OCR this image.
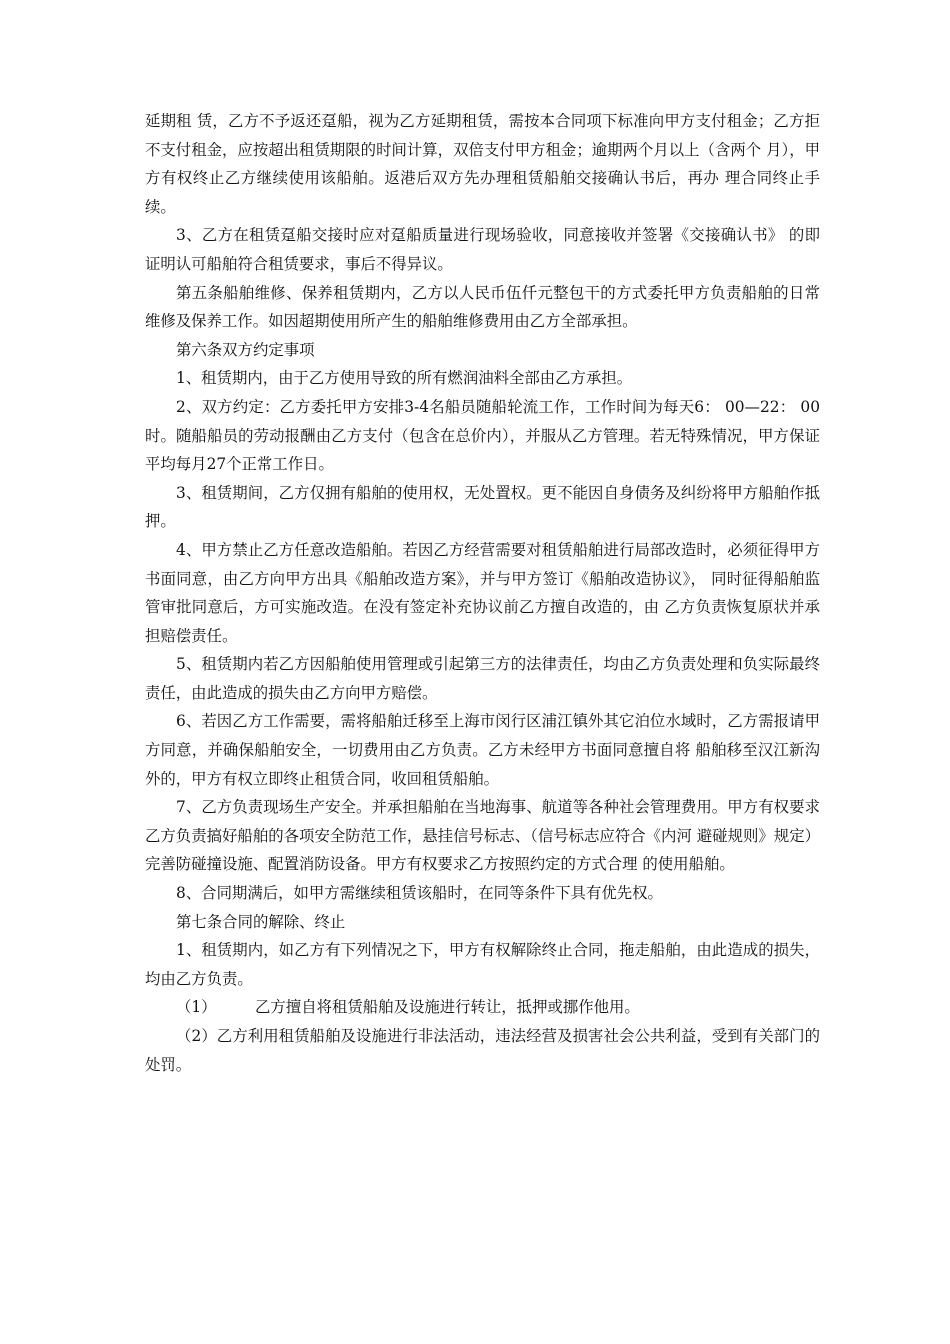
延期租 赁，乙方不予返还趸船，视为乙方延期租赁，需按本合同项下标准向甲方支付租金；乙方拒 不支付租金，应按超出租赁期限的时间计算，双倍支付甲方租金；逾期两个月以上（含两个 月），甲方有权终止乙方继续使用该船舶。返港后双方先办理租赁船舶交接确认书后，再办 理合同终止手续。

3、乙方在租赁趸船交接时应对趸船质量进行现场验收，同意接收并签署《交接确认书》 的即证明认可船舶符合租赁要求，事后不得异议。

第五条船舶维修、保养租赁期内，乙方以人民币伍仟元整包干的方式委托甲方负责船舶的日常维修及保养工作。如因超期使用所产生的船舶维修费用由乙方全部承担。

第六条双方约定事项

1、租赁期内，由于乙方使用导致的所有燃润油料全部由乙方承担。

2、双方约定：乙方委托甲方安排3-4名船员随船轮流工作，工作时间为每天6： 00—22： 00时。随船船员的劳动报酬由乙方支付（包含在总价内），并服从乙方管理。若无特殊情况，甲方保证平均每月27个正常工作日。

3、租赁期间，乙方仅拥有船舶的使用权，无处置权。更不能因自身债务及纠纷将甲方船舶作抵押。

4、甲方禁止乙方任意改造船舶。若因乙方经营需要对租赁船舶进行局部改造时，必须征得甲方书面同意，由乙方向甲方出具《船舶改造方案》，并与甲方签订《船舶改造协议》， 同时征得船舶监管审批同意后，方可实施改造。在没有签定补充协议前乙方擅自改造的，由 乙方负责恢复原状并承担赔偿责任。

5、租赁期内若乙方因船舶使用管理或引起第三方的法律责任，均由乙方负责处理和负实际最终责任，由此造成的损失由乙方向甲方赔偿。

6、若因乙方工作需要，需将船舶迁移至上海市闵行区浦江镇外其它泊位水域时，乙方需报请甲方同意，并确保船舶安全，一切费用由乙方负责。乙方未经甲方书面同意擅自将 船舶移至汉江新沟外的，甲方有权立即终止租赁合同，收回租赁船舶。

7、乙方负责现场生产安全。并承担船舶在当地海事、航道等各种社会管理费用。甲方有权要求乙方负责搞好船舶的各项安全防范工作，悬挂信号标志、（信号标志应符合《内河 避碰规则》规定）完善防碰撞设施、配置消防设备。甲方有权要求乙方按照约定的方式合理 的使用船舶。

8、合同期满后，如甲方需继续租赁该船时，在同等条件下具有优先权。

第七条合同的解除、终止

1、租赁期内，如乙方有下列情况之下，甲方有权解除终止合同，拖走船舶，由此造成的损失，均由乙方负责。

（1）　　　乙方擅自将租赁船舶及设施进行转让，抵押或挪作他用。

（2）乙方利用租赁船舶及设施进行非法活动，违法经营及损害社会公共利益，受到有关部门的处罚。
